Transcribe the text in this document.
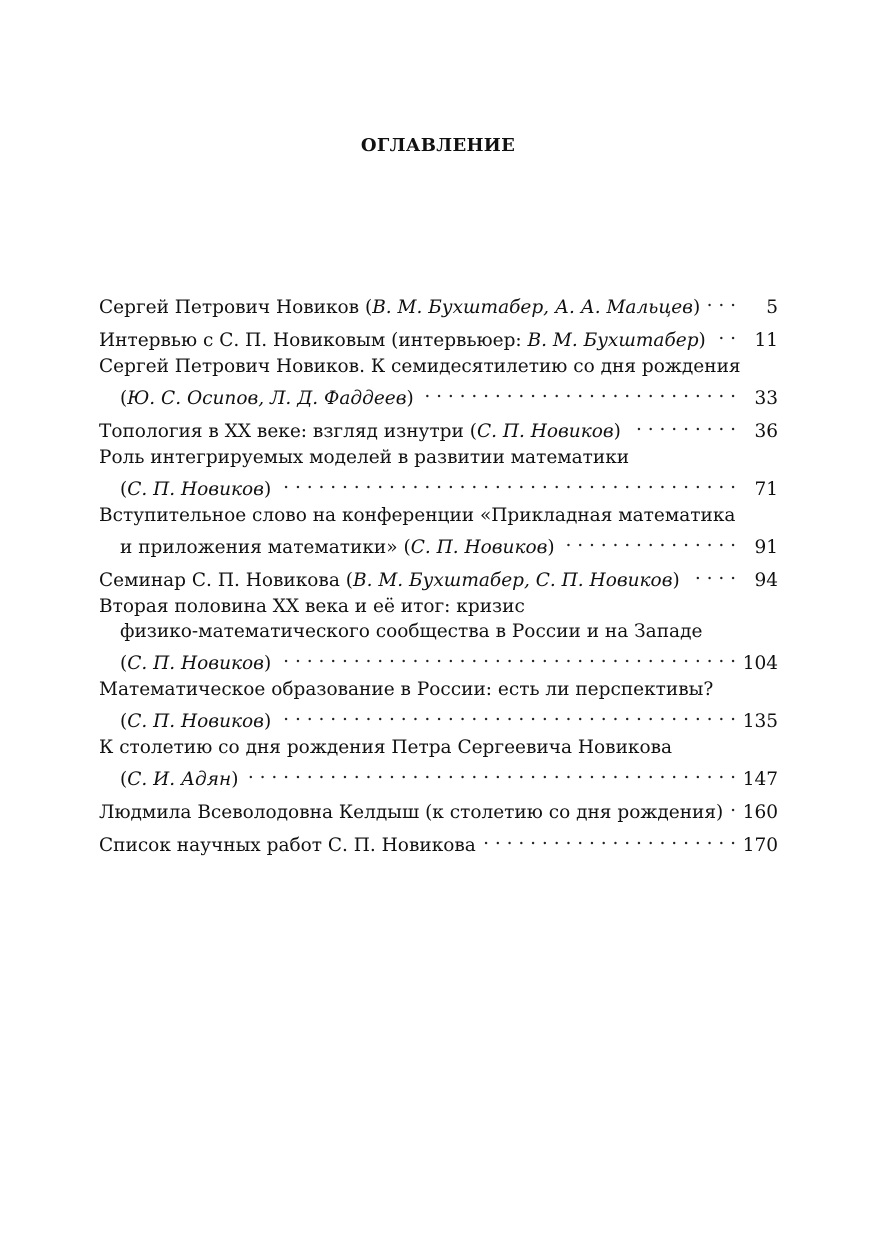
ОГЛАВЛЕНИЕ
Сергей Петрович Новиков (В. М. Бухштабер, А. А. Мальцев) . . .	5
Интервью с С. П. Новиковым (интервьюер: В. М. Бухштабер) . . .	11
Сергей Петрович Новиков. К семидесятилетию со дня рождения
(Ю. С. Осипов, Л. Д. Фаддеев) . . .	33
Топология в XX веке: взгляд изнутри (С. П. Новиков) . . .	36
Роль интегрируемых моделей в развитии математики
(С. П. Новиков) . . .	71
Вступительное слово на конференции «Прикладная математика
и приложения математики» (С. П. Новиков) . . .	91
Семинар С. П. Новикова (В. М. Бухштабер, С. П. Новиков) . . .	94
Вторая половина XX века и её итог: кризис
физико-математического сообщества в России и на Западе
(С. П. Новиков) . . .	104
Математическое образование в России: есть ли перспективы?
(С. П. Новиков) . . .	135
К столетию со дня рождения Петра Сергеевича Новикова
(С. И. Адян) . . .	147
Людмила Всеволодовна Келдыш (к столетию со дня рождения) . . . 160
Список научных работ С. П. Новикова . . .	170
